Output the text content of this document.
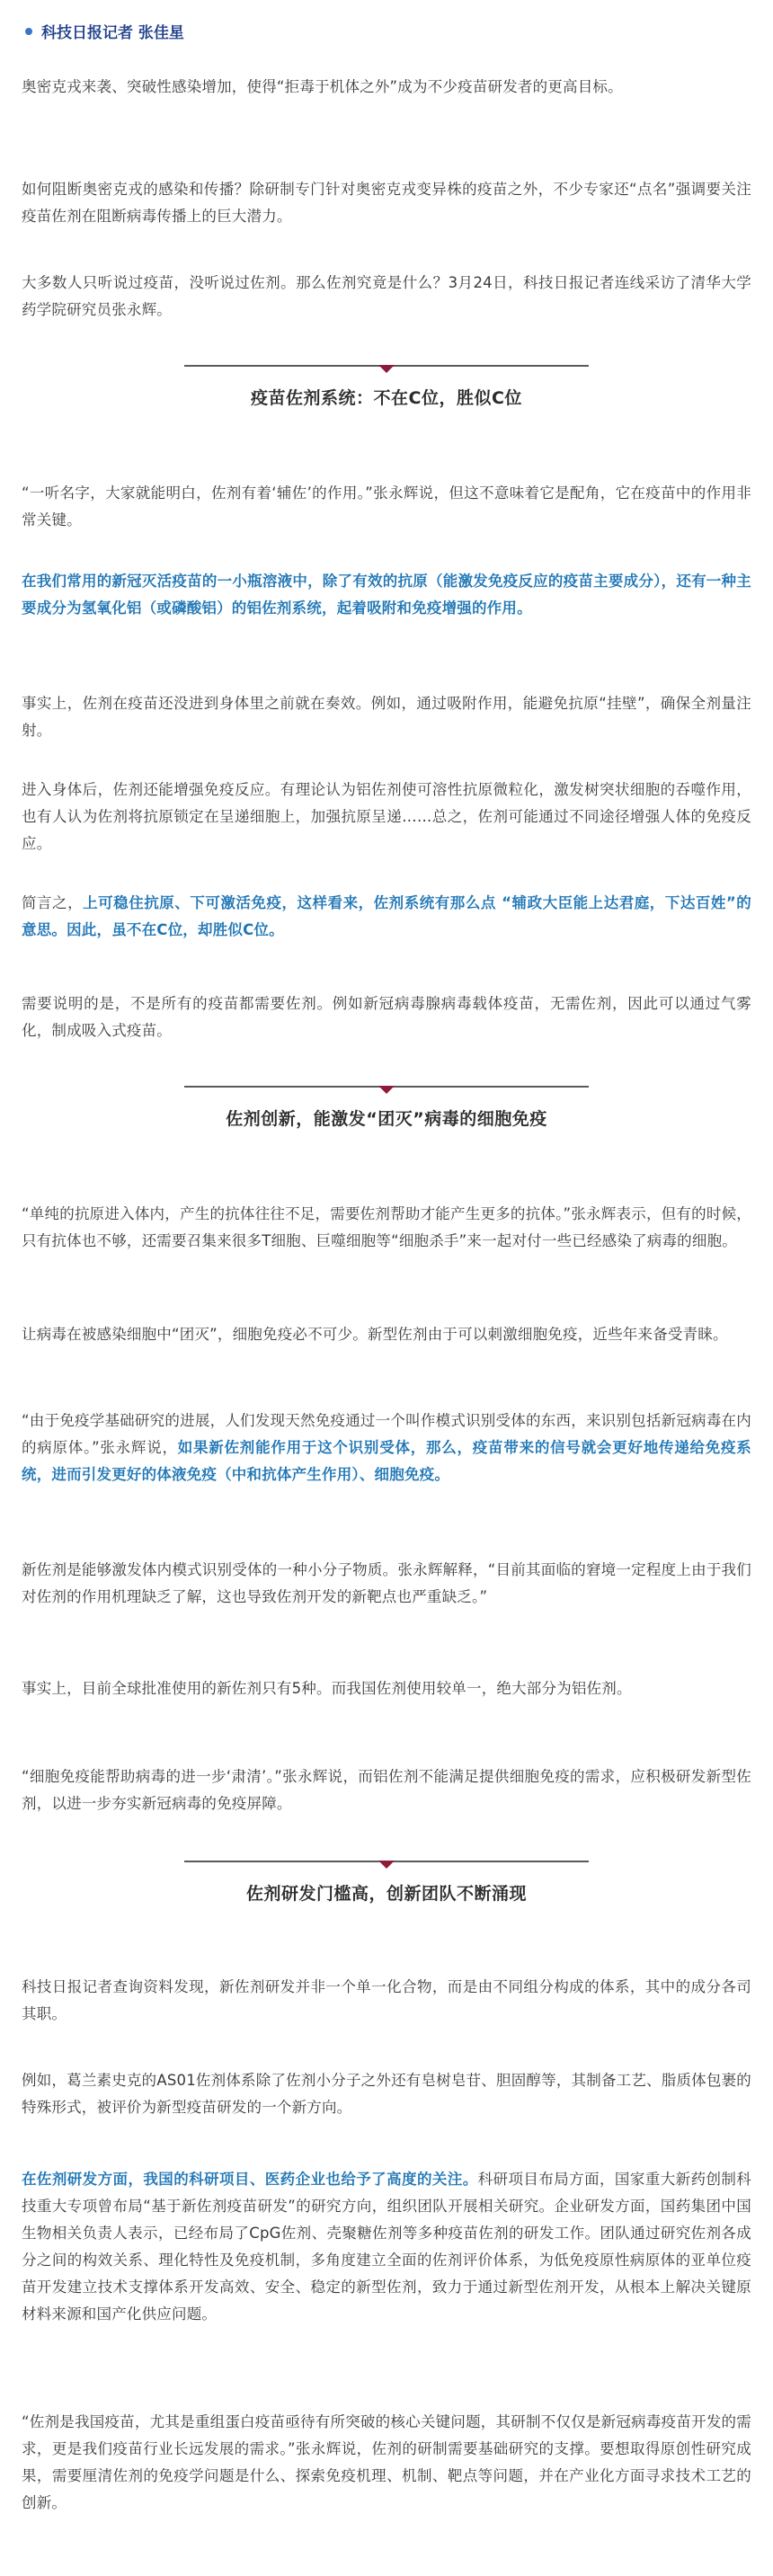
科技日报记者 张佳星

奥密克戎来袭、突破性感染增加，使得“拒毒于机体之外”成为不少疫苗研发者的更高目标。

如何阻断奥密克戎的感染和传播？除研制专门针对奥密克戎变异株的疫苗之外，不少专家还“点名”强调要关注疫苗佐剂在阻断病毒传播上的巨大潜力。

大多数人只听说过疫苗，没听说过佐剂。那么佐剂究竟是什么？3月24日，科技日报记者连线采访了清华大学药学院研究员张永辉。

疫苗佐剂系统：不在C位，胜似C位

“一听名字，大家就能明白，佐剂有着‘辅佐’的作用。”张永辉说，但这不意味着它是配角，它在疫苗中的作用非常关键。

在我们常用的新冠灭活疫苗的一小瓶溶液中，除了有效的抗原（能激发免疫反应的疫苗主要成分），还有一种主要成分为氢氧化铝（或磷酸铝）的铝佐剂系统，起着吸附和免疫增强的作用。

事实上，佐剂在疫苗还没进到身体里之前就在奏效。例如，通过吸附作用，能避免抗原“挂壁”，确保全剂量注射。

进入身体后，佐剂还能增强免疫反应。有理论认为铝佐剂使可溶性抗原微粒化，激发树突状细胞的吞噬作用，也有人认为佐剂将抗原锁定在呈递细胞上，加强抗原呈递……总之，佐剂可能通过不同途径增强人体的免疫反应。

简言之，上可稳住抗原、下可激活免疫，这样看来，佐剂系统有那么点 “辅政大臣能上达君庭，下达百姓”的意思。因此，虽不在C位，却胜似C位。

需要说明的是，不是所有的疫苗都需要佐剂。例如新冠病毒腺病毒载体疫苗，无需佐剂，因此可以通过气雾化，制成吸入式疫苗。

佐剂创新，能激发“团灭”病毒的细胞免疫

“单纯的抗原进入体内，产生的抗体往往不足，需要佐剂帮助才能产生更多的抗体。”张永辉表示，但有的时候，只有抗体也不够，还需要召集来很多T细胞、巨噬细胞等“细胞杀手”来一起对付一些已经感染了病毒的细胞。

让病毒在被感染细胞中“团灭”，细胞免疫必不可少。新型佐剂由于可以刺激细胞免疫，近些年来备受青睐。

“由于免疫学基础研究的进展，人们发现天然免疫通过一个叫作模式识别受体的东西，来识别包括新冠病毒在内的病原体。”张永辉说，如果新佐剂能作用于这个识别受体，那么，疫苗带来的信号就会更好地传递给免疫系统，进而引发更好的体液免疫（中和抗体产生作用）、细胞免疫。

新佐剂是能够激发体内模式识别受体的一种小分子物质。张永辉解释，“目前其面临的窘境一定程度上由于我们对佐剂的作用机理缺乏了解，这也导致佐剂开发的新靶点也严重缺乏。”

事实上，目前全球批准使用的新佐剂只有5种。而我国佐剂使用较单一，绝大部分为铝佐剂。

“细胞免疫能帮助病毒的进一步‘肃清’。”张永辉说，而铝佐剂不能满足提供细胞免疫的需求，应积极研发新型佐剂，以进一步夯实新冠病毒的免疫屏障。

佐剂研发门槛高，创新团队不断涌现

科技日报记者查询资料发现，新佐剂研发并非一个单一化合物，而是由不同组分构成的体系，其中的成分各司其职。

例如，葛兰素史克的AS01佐剂体系除了佐剂小分子之外还有皂树皂苷、胆固醇等，其制备工艺、脂质体包裹的特殊形式，被评价为新型疫苗研发的一个新方向。

在佐剂研发方面，我国的科研项目、医药企业也给予了高度的关注。科研项目布局方面，国家重大新药创制科技重大专项曾布局“基于新佐剂疫苗研发”的研究方向，组织团队开展相关研究。企业研发方面，国药集团中国生物相关负责人表示，已经布局了CpG佐剂、壳聚糖佐剂等多种疫苗佐剂的研发工作。团队通过研究佐剂各成分之间的构效关系、理化特性及免疫机制，多角度建立全面的佐剂评价体系，为低免疫原性病原体的亚单位疫苗开发建立技术支撑体系开发高效、安全、稳定的新型佐剂，致力于通过新型佐剂开发，从根本上解决关键原材料来源和国产化供应问题。

“佐剂是我国疫苗，尤其是重组蛋白疫苗亟待有所突破的核心关键问题，其研制不仅仅是新冠病毒疫苗开发的需求，更是我们疫苗行业长远发展的需求。”张永辉说，佐剂的研制需要基础研究的支撑。要想取得原创性研究成果，需要厘清佐剂的免疫学问题是什么、探索免疫机理、机制、靶点等问题，并在产业化方面寻求技术工艺的创新。
